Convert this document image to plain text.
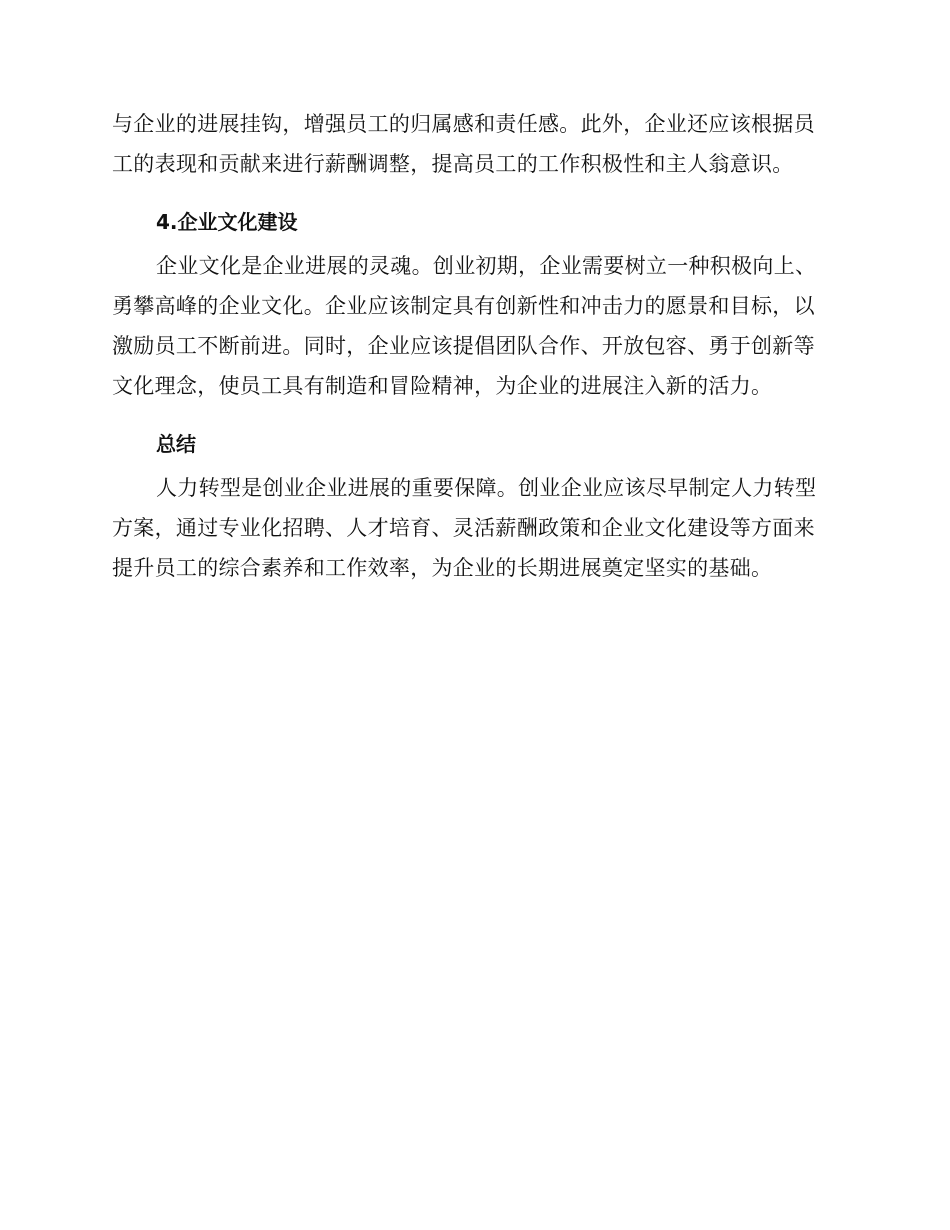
与企业的进展挂钩，增强员工的归属感和责任感。此外，企业还应该根据员
工的表现和贡献来进行薪酬调整，提高员工的工作积极性和主人翁意识。
4.企业文化建设
企业文化是企业进展的灵魂。创业初期，企业需要树立一种积极向上、
勇攀高峰的企业文化。企业应该制定具有创新性和冲击力的愿景和目标，以
激励员工不断前进。同时，企业应该提倡团队合作、开放包容、勇于创新等
文化理念，使员工具有制造和冒险精神，为企业的进展注入新的活力。
总结
人力转型是创业企业进展的重要保障。创业企业应该尽早制定人力转型
方案，通过专业化招聘、人才培育、灵活薪酬政策和企业文化建设等方面来
提升员工的综合素养和工作效率，为企业的长期进展奠定坚实的基础。
